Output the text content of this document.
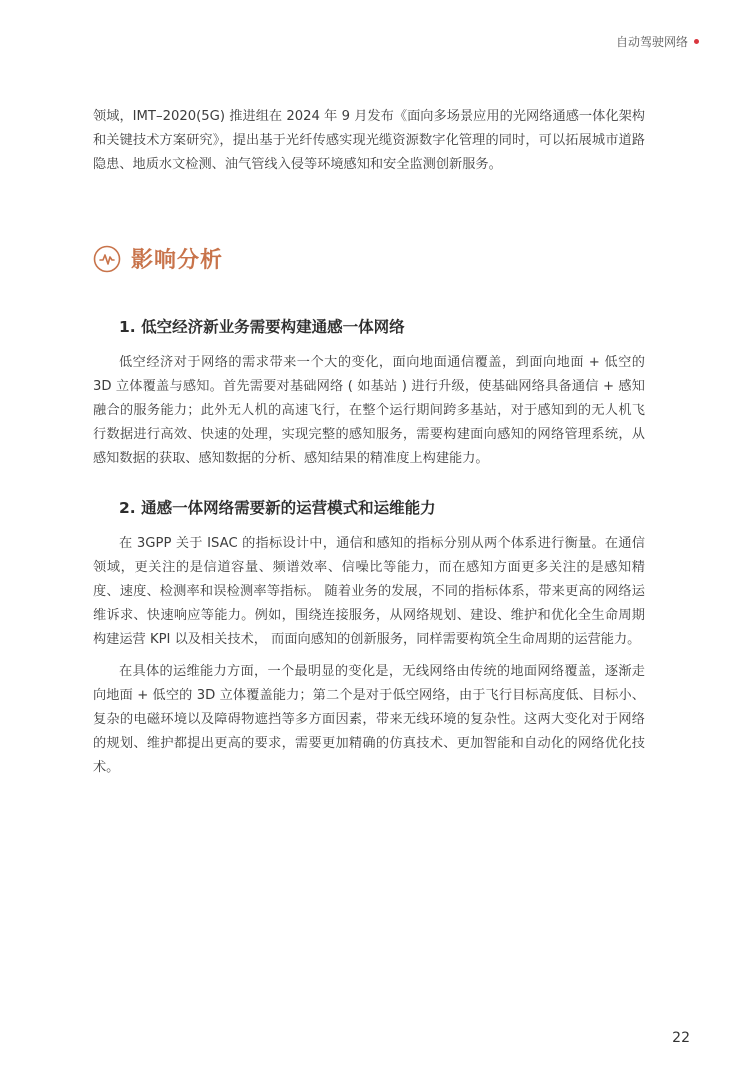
自动驾驶网络

领域，IMT–2020(5G) 推进组在 2024 年 9 月发布《面向多场景应用的光网络通感一体化架构和关键技术方案研究》，提出基于光纤传感实现光缆资源数字化管理的同时，可以拓展城市道路隐患、地质水文检测、油气管线入侵等环境感知和安全监测创新服务。

影响分析
1. 低空经济新业务需要构建通感一体网络

低空经济对于网络的需求带来一个大的变化，面向地面通信覆盖，到面向地面 + 低空的 3D 立体覆盖与感知。首先需要对基础网络 ( 如基站 ) 进行升级，使基础网络具备通信 + 感知融合的服务能力；此外无人机的高速飞行，在整个运行期间跨多基站，对于感知到的无人机飞行数据进行高效、快速的处理，实现完整的感知服务，需要构建面向感知的网络管理系统，从感知数据的获取、感知数据的分析、感知结果的精准度上构建能力。

2. 通感一体网络需要新的运营模式和运维能力

在 3GPP 关于 ISAC 的指标设计中，通信和感知的指标分别从两个体系进行衡量。在通信领域，更关注的是信道容量、频谱效率、信噪比等能力，而在感知方面更多关注的是感知精度、速度、检测率和误检测率等指标。 随着业务的发展，不同的指标体系，带来更高的网络运维诉求、快速响应等能力。例如，围绕连接服务，从网络规划、建设、维护和优化全生命周期构建运营 KPI 以及相关技术， 而面向感知的创新服务，同样需要构筑全生命周期的运营能力。

在具体的运维能力方面，一个最明显的变化是，无线网络由传统的地面网络覆盖，逐渐走向地面 + 低空的 3D 立体覆盖能力；第二个是对于低空网络，由于飞行目标高度低、目标小、复杂的电磁环境以及障碍物遮挡等多方面因素，带来无线环境的复杂性。这两大变化对于网络的规划、维护都提出更高的要求，需要更加精确的仿真技术、更加智能和自动化的网络优化技术。

22
